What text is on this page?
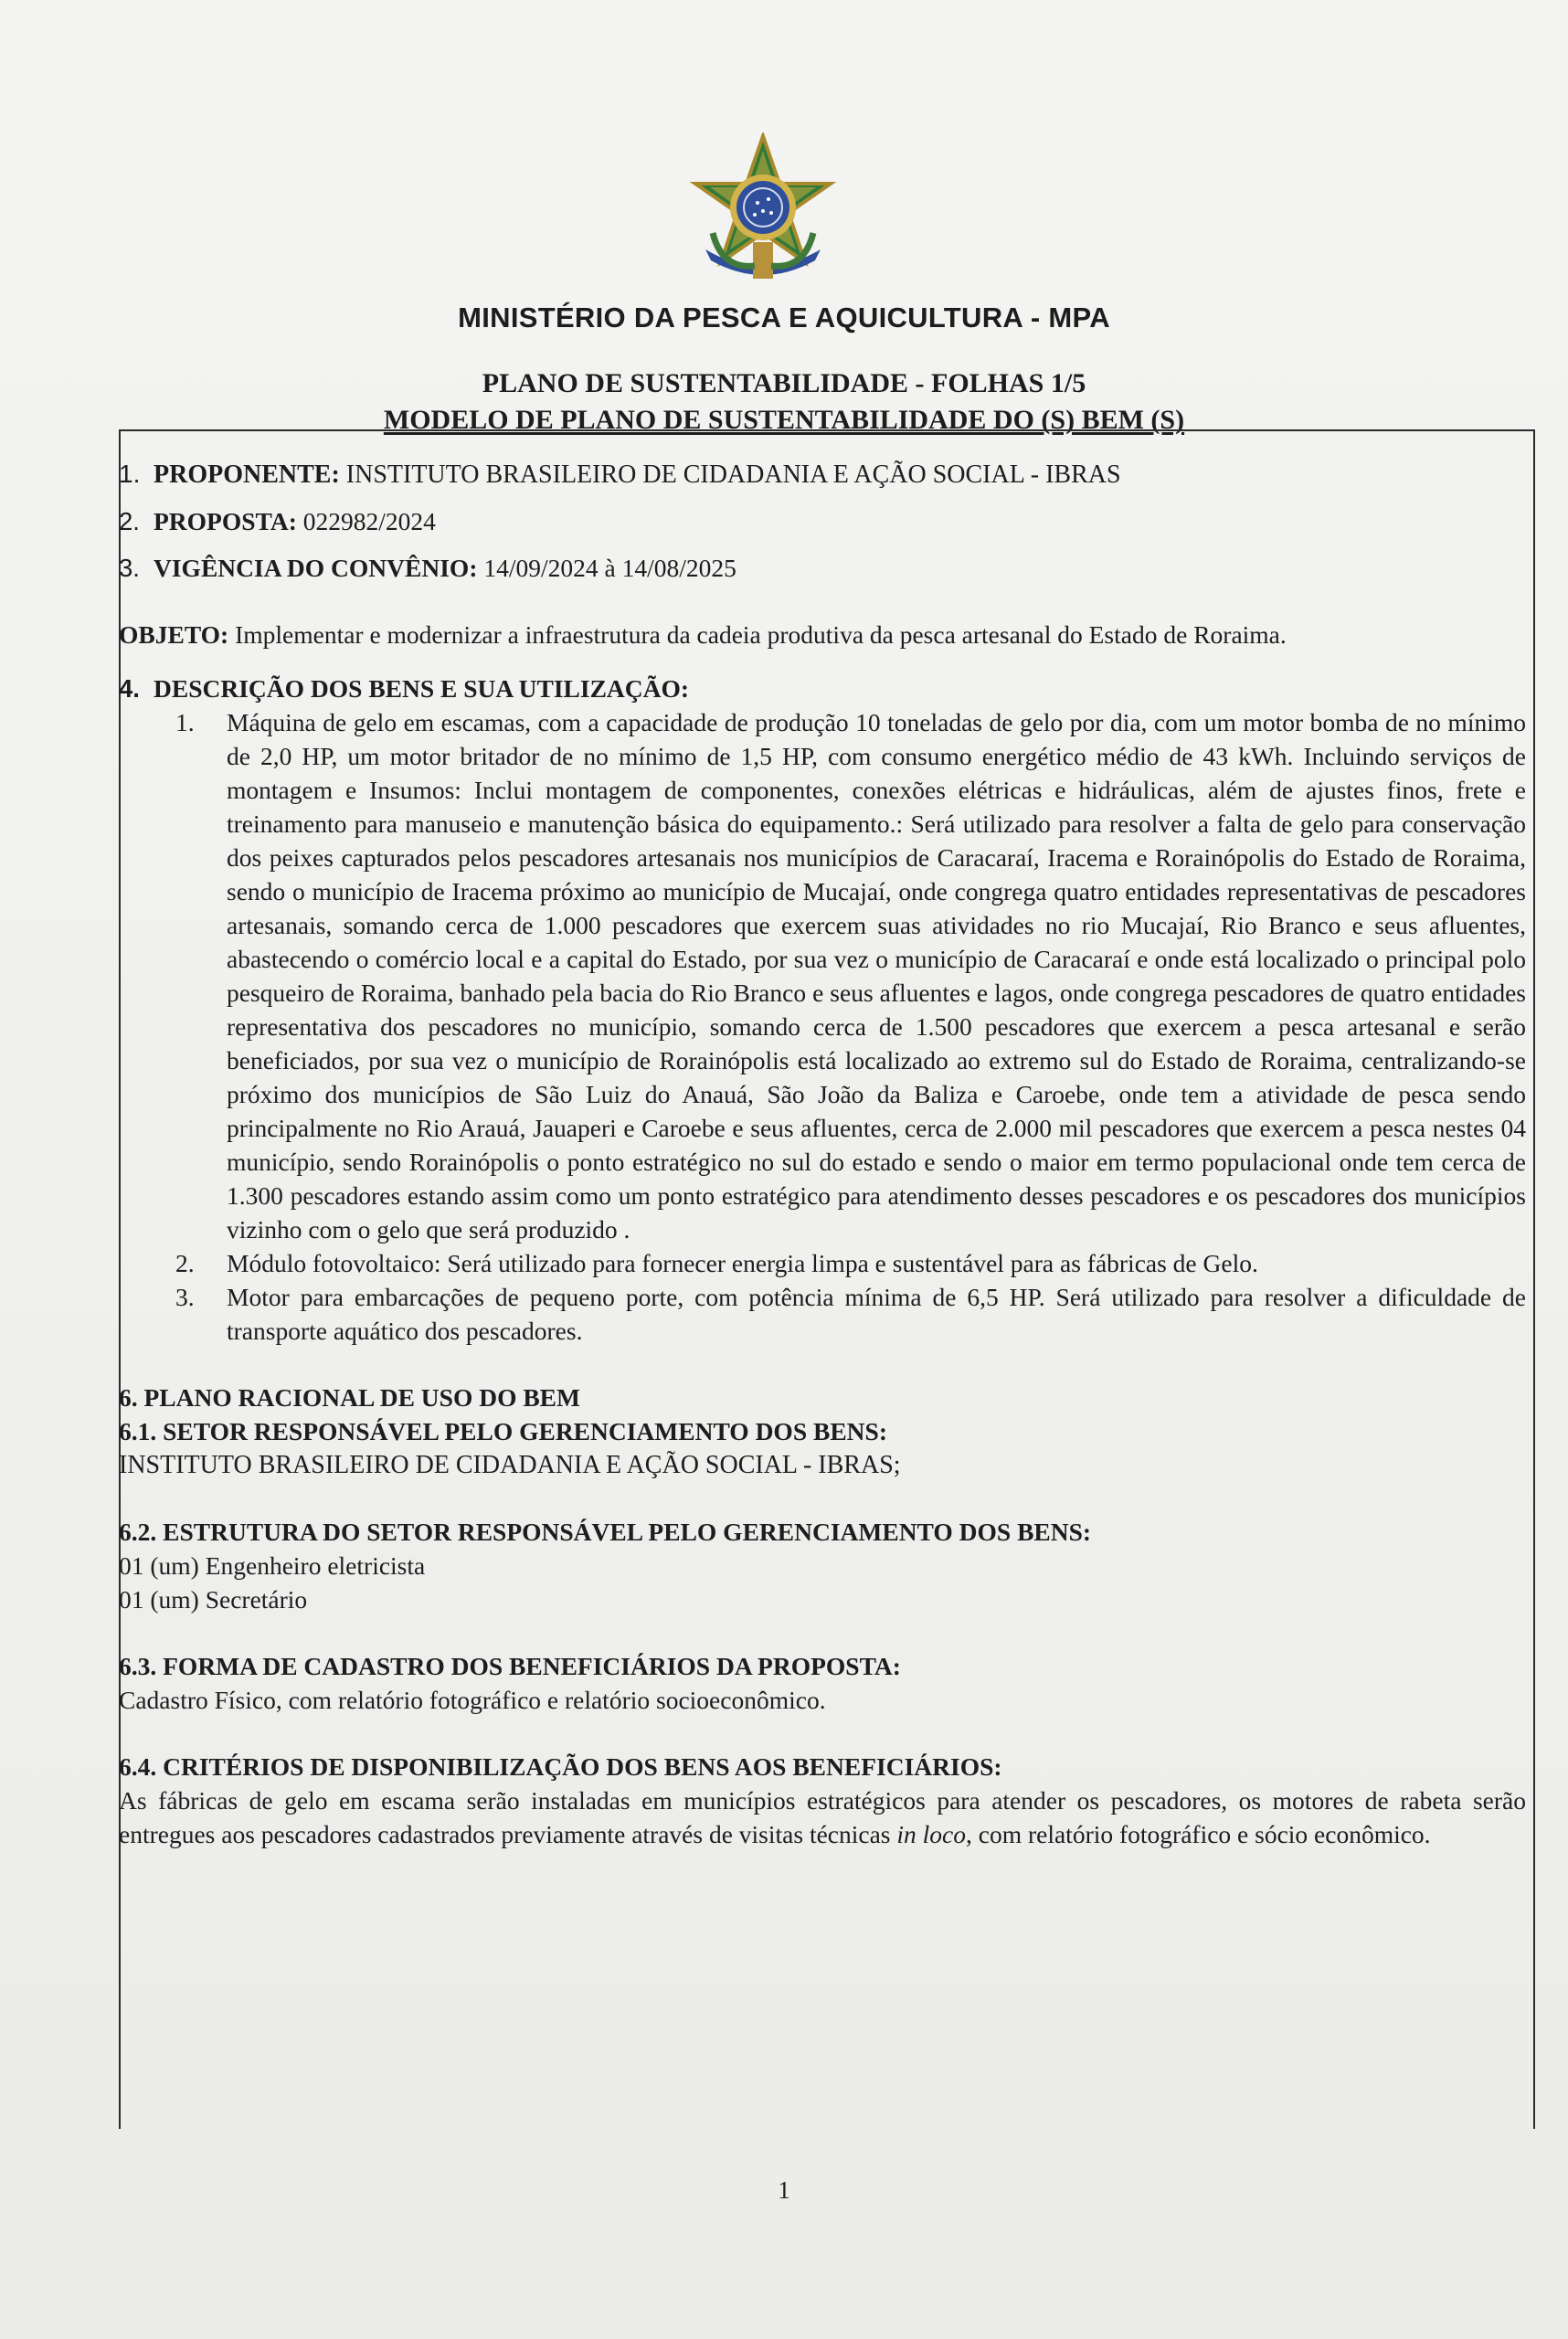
MINISTÉRIO DA PESCA E AQUICULTURA - MPA
PLANO DE SUSTENTABILIDADE - FOLHAS 1/5
MODELO DE PLANO DE SUSTENTABILIDADE DO (S) BEM (S)
1. PROPONENTE: INSTITUTO BRASILEIRO DE CIDADANIA E AÇÃO SOCIAL - IBRAS
2. PROPOSTA: 022982/2024
3. VIGÊNCIA DO CONVÊNIO: 14/09/2024 à 14/08/2025
OBJETO: Implementar e modernizar a infraestrutura da cadeia produtiva da pesca artesanal do Estado de Roraima.
4. DESCRIÇÃO DOS BENS E SUA UTILIZAÇÃO:
1. Máquina de gelo em escamas, com a capacidade de produção 10 toneladas de gelo por dia, com um motor bomba de no mínimo de 2,0 HP, um motor britador de no mínimo de 1,5 HP, com consumo energético médio de 43 kWh. Incluindo serviços de montagem e Insumos: Inclui montagem de componentes, conexões elétricas e hidráulicas, além de ajustes finos, frete e treinamento para manuseio e manutenção básica do equipamento.: Será utilizado para resolver a falta de gelo para conservação dos peixes capturados pelos pescadores artesanais nos municípios de Caracaraí, Iracema e Rorainópolis do Estado de Roraima, sendo o município de Iracema próximo ao município de Mucajaí, onde congrega quatro entidades representativas de pescadores artesanais, somando cerca de 1.000 pescadores que exercem suas atividades no rio Mucajaí, Rio Branco e seus afluentes, abastecendo o comércio local e a capital do Estado, por sua vez o município de Caracaraí e onde está localizado o principal polo pesqueiro de Roraima, banhado pela bacia do Rio Branco e seus afluentes e lagos, onde congrega pescadores de quatro entidades representativa dos pescadores no município, somando cerca de 1.500 pescadores que exercem a pesca artesanal e serão beneficiados, por sua vez o município de Rorainópolis está localizado ao extremo sul do Estado de Roraima, centralizando-se próximo dos municípios de São Luiz do Anauá, São João da Baliza e Caroebe, onde tem a atividade de pesca sendo principalmente no Rio Arauá, Jauaperi e Caroebe e seus afluentes, cerca de 2.000 mil pescadores que exercem a pesca nestes 04 município, sendo Rorainópolis o ponto estratégico no sul do estado e sendo o maior em termo populacional onde tem cerca de 1.300 pescadores estando assim como um ponto estratégico para atendimento desses pescadores e os pescadores dos municípios vizinho com o gelo que será produzido .
2. Módulo fotovoltaico: Será utilizado para fornecer energia limpa e sustentável para as fábricas de Gelo.
3. Motor para embarcações de pequeno porte, com potência mínima de 6,5 HP. Será utilizado para resolver a dificuldade de transporte aquático dos pescadores.
6. PLANO RACIONAL DE USO DO BEM
6.1. SETOR RESPONSÁVEL PELO GERENCIAMENTO DOS BENS:
INSTITUTO BRASILEIRO DE CIDADANIA E AÇÃO SOCIAL - IBRAS;
6.2. ESTRUTURA DO SETOR RESPONSÁVEL PELO GERENCIAMENTO DOS BENS:
01 (um) Engenheiro eletricista
01 (um) Secretário
6.3. FORMA DE CADASTRO DOS BENEFICIÁRIOS DA PROPOSTA:
Cadastro Físico, com relatório fotográfico e relatório socioeconômico.
6.4. CRITÉRIOS DE DISPONIBILIZAÇÃO DOS BENS AOS BENEFICIÁRIOS:
As fábricas de gelo em escama serão instaladas em municípios estratégicos para atender os pescadores, os motores de rabeta serão entregues aos pescadores cadastrados previamente através de visitas técnicas in loco, com relatório fotográfico e sócio econômico.
1
